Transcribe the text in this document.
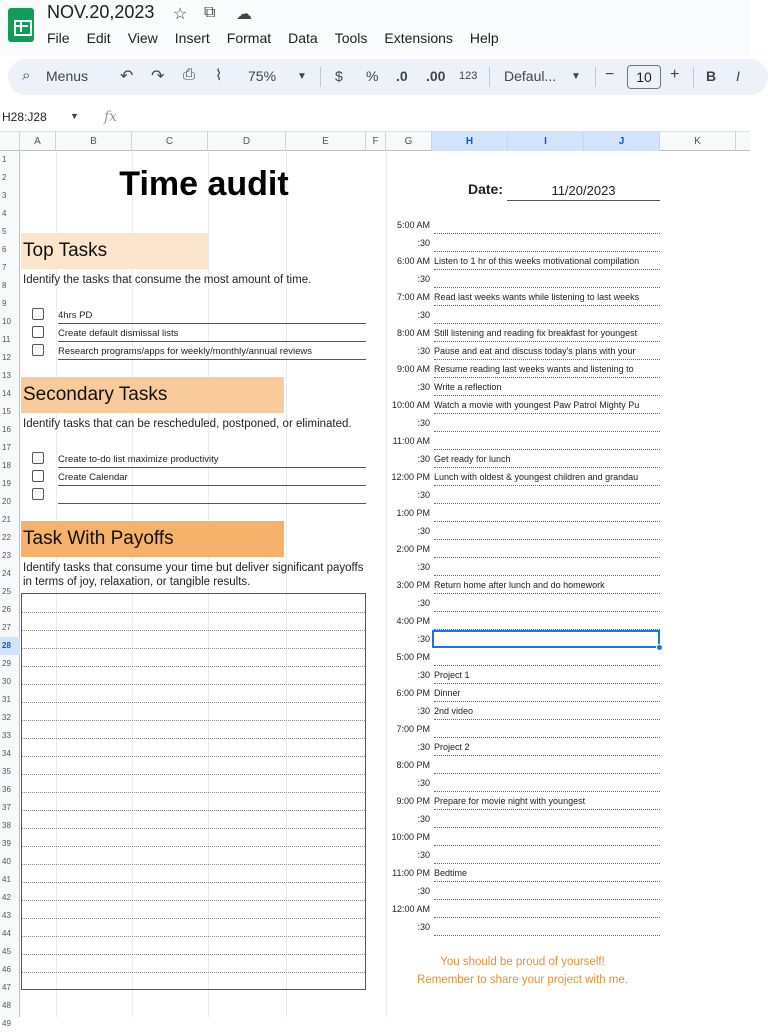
NOV.20,2023 ☆ ⧉ ☁
File Edit View Insert Format Data Tools Extensions Help
⌕ Menus ↶ ↷ ⎙ ⌇ 75% ▼ $ % .0 .00 123 Defaul... ▼ −	10	+ B I
H28:J28	▼ fx
A	B	C	D	E	F	G	H	I	J	K
1
2
3
4
5
6
7
8
9
10
11
12
13
14
15
16
17
18
19
20
21
22
23
24
25
26
27
28
29
30
31
32
33
34
35
36
37
38
39
40
41
42
43
44
45
46
47
48
49
Time audit	Date:	11/20/2023
Top Tasks
Identify the tasks that consume the most amount of time.
4hrs PD
Create default dismissal lists
Research programs/apps for weekly/monthly/annual reviews
Secondary Tasks
Identify tasks that can be rescheduled, postponed, or eliminated.
Create to-do list maximize productivity
Create Calendar
Task With Payoffs
Identify tasks that consume your time but deliver significant payoffs in terms of joy, relaxation, or tangible results.
5:00 AM
:30
6:00 AM Listen to 1 hr of this weeks motivational compilation
:30
7:00 AM Read last weeks wants while listening to last weeks
:30
8:00 AM Still listening and reading fix breakfast for youngest
:30 Pause and eat and discuss today's plans with your
9:00 AM Resume reading last weeks wants and listening to
:30 Write a reflection
10:00 AM Watch a movie with youngest Paw Patrol Mighty Pu
:30
11:00 AM
:30 Get ready for lunch
12:00 PM Lunch with oldest & youngest children and grandau
:30
1:00 PM
:30
2:00 PM
:30
3:00 PM Return home after lunch and do homework
:30
4:00 PM
:30
5:00 PM
:30 Project 1
6:00 PM Dinner
:30 2nd video
7:00 PM
:30 Project 2
8:00 PM
:30
9:00 PM Prepare for movie night with youngest
:30
10:00 PM
:30
11:00 PM Bedtime
:30
12:00 AM
:30
You should be proud of yourself!
Remember to share your project with me.
